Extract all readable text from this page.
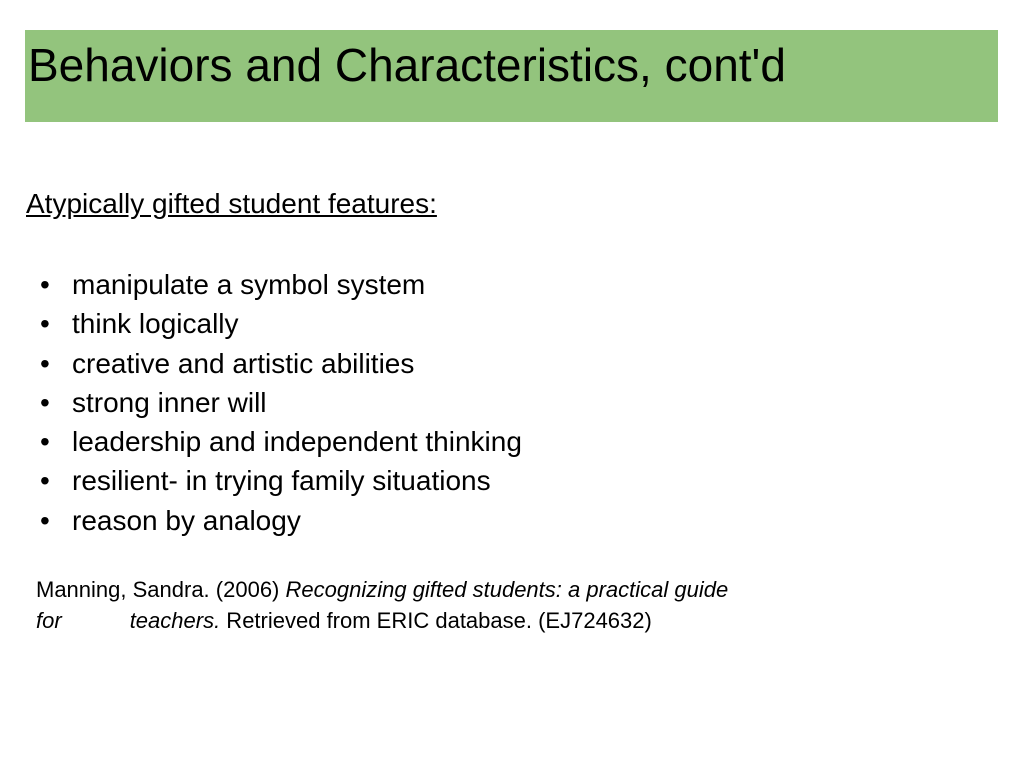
Behaviors and Characteristics, cont'd

Atypically gifted student features:

• manipulate a symbol system
• think logically
• creative and artistic abilities
• strong inner will
• leadership and independent thinking
• resilient- in trying family situations
• reason by analogy

Manning, Sandra. (2006) Recognizing gifted students: a practical guide
for	teachers. Retrieved from ERIC database. (EJ724632)
